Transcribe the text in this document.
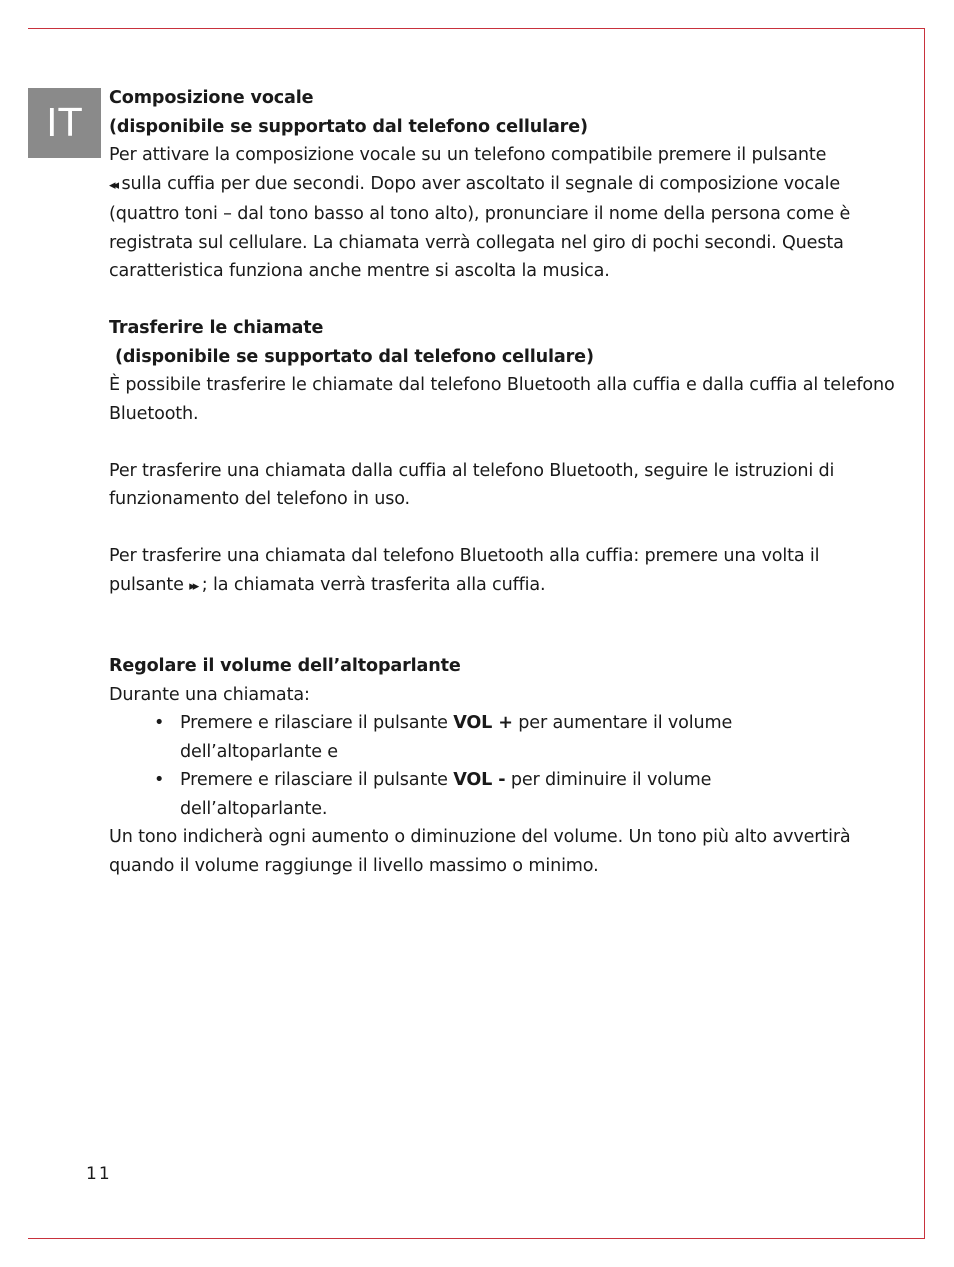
IT

Composizione vocale

(disponibile se supportato dal telefono cellulare)

Per attivare la composizione vocale su un telefono compatibile premere il pulsante
◂◂ sulla cuffia per due secondi. Dopo aver ascoltato il segnale di composizione vocale (quattro toni – dal tono basso al tono alto), pronunciare il nome della persona come è registrata sul cellulare. La chiamata verrà collegata nel giro di pochi secondi. Questa caratteristica funziona anche mentre si ascolta la musica.

Trasferire le chiamate

(disponibile se supportato dal telefono cellulare)

È possibile trasferire le chiamate dal telefono Bluetooth alla cuffia e dalla cuffia al telefono Bluetooth.

Per trasferire una chiamata dalla cuffia al telefono Bluetooth, seguire le istruzioni di funzionamento del telefono in uso.

Per trasferire una chiamata dal telefono Bluetooth alla cuffia: premere una volta il pulsante ▸▸ ; la chiamata verrà trasferita alla cuffia.

Regolare il volume dell’altoparlante

Durante una chiamata:

• Premere e rilasciare il pulsante VOL + per aumentare il volume dell’altoparlante e
• Premere e rilasciare il pulsante VOL - per diminuire il volume dell’altoparlante.

Un tono indicherà ogni aumento o diminuzione del volume. Un tono più alto avvertirà quando il volume raggiunge il livello massimo o minimo.

11
